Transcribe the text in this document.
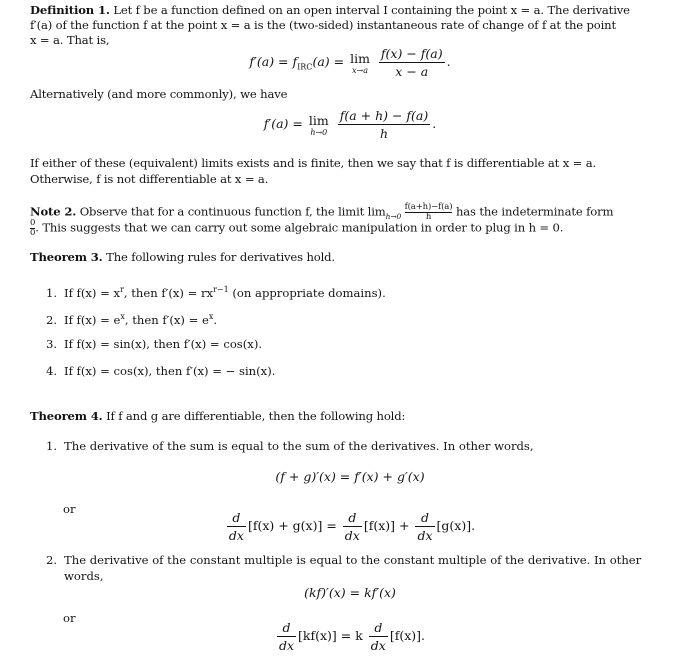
Definition 1. Let f be a function defined on an open interval I containing the point x = a. The derivative
f′(a) of the function f at the point x = a is the (two-sided) instantaneous rate of change of f at the point
x = a. That is,
$f'(a) = f_{IRC}(a) = \lim$
x→a
$\frac{f(x) - f(a)}{x - a}$ .
Alternatively (and more commonly), we have
f′(a) = lim
h→0
$\frac{f(a + h) - f(a)}{h}$ .
If either of these (equivalent) limits exists and is finite, then we say that f is differentiable at x = a.
Otherwise, f is not differentiable at x = a.
Note 2. Observe that for a continuous function f, the limit $\lim_{h\to 0} \frac{f(a+h)-f(a)}{h}$ has the indeterminate form
$\frac{0}{0}$ . This suggests that we can carry out some algebraic manipulation in order to plug in h = 0.
Theorem 3. The following rules for derivatives hold.
1. If $f(x) = x^r$, then $f'(x) = rx^{r-1}$ (on appropriate domains).
2. If $f(x) = e^x$, then $f'(x) = e^x$.
3. If f(x) = sin(x), then f′(x) = cos(x).
4. If f(x) = cos(x), then f′(x) = − sin(x).
Theorem 4. If f and g are differentiable, then the following hold:
1. The derivative of the sum is equal to the sum of the derivatives. In other words,
(f + g)′(x) = f′(x) + g′(x)
or
$\frac{d}{dx} [f(x) + g(x)] = \frac{d}{dx} [f(x)] + \frac{d}{dx} [g(x)]$.
2. The derivative of the constant multiple is equal to the constant multiple of the derivative. In other
words,
(kf)′(x) = kf′(x)
or
$\frac{d}{dx} [kf(x)] = k \frac{d}{dx} [f(x)]$.
